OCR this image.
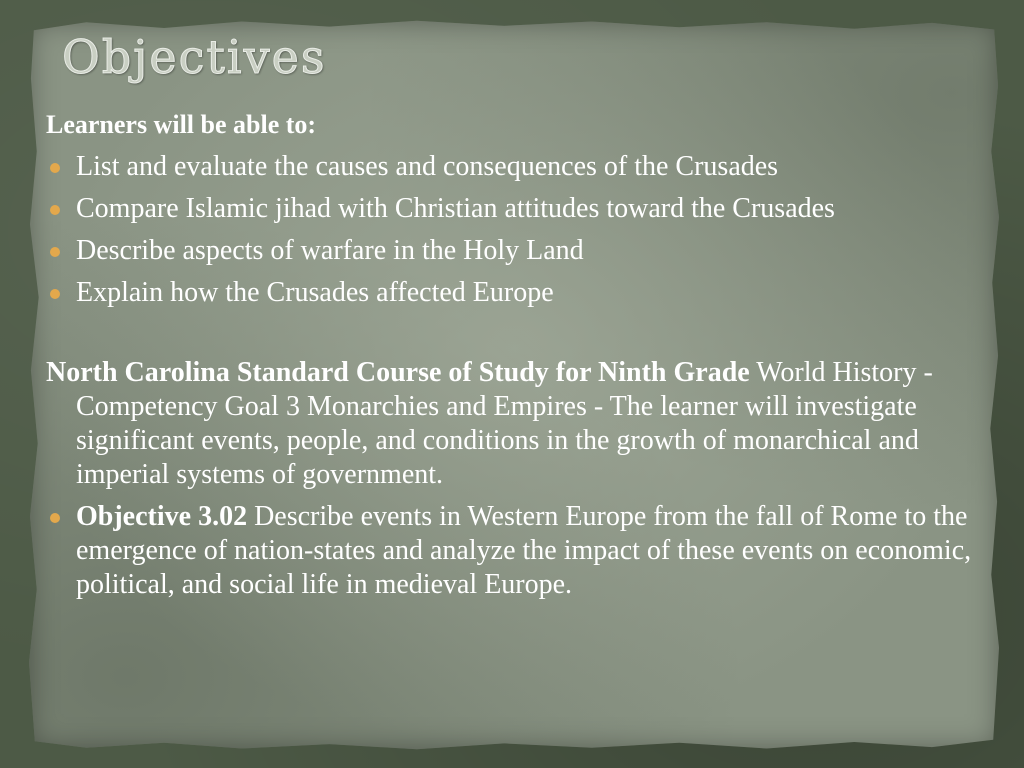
Objectives

Learners will be able to:

List and evaluate the causes and consequences of the Crusades
Compare Islamic jihad with Christian attitudes toward the Crusades
Describe aspects of warfare in the Holy Land
Explain how the Crusades affected Europe

North Carolina Standard Course of Study for Ninth Grade World History - Competency Goal 3 Monarchies and Empires - The learner will investigate significant events, people, and conditions in the growth of monarchical and imperial systems of government.

Objective 3.02 Describe events in Western Europe from the fall of Rome to the emergence of nation-states and analyze the impact of these events on economic, political, and social life in medieval Europe.
